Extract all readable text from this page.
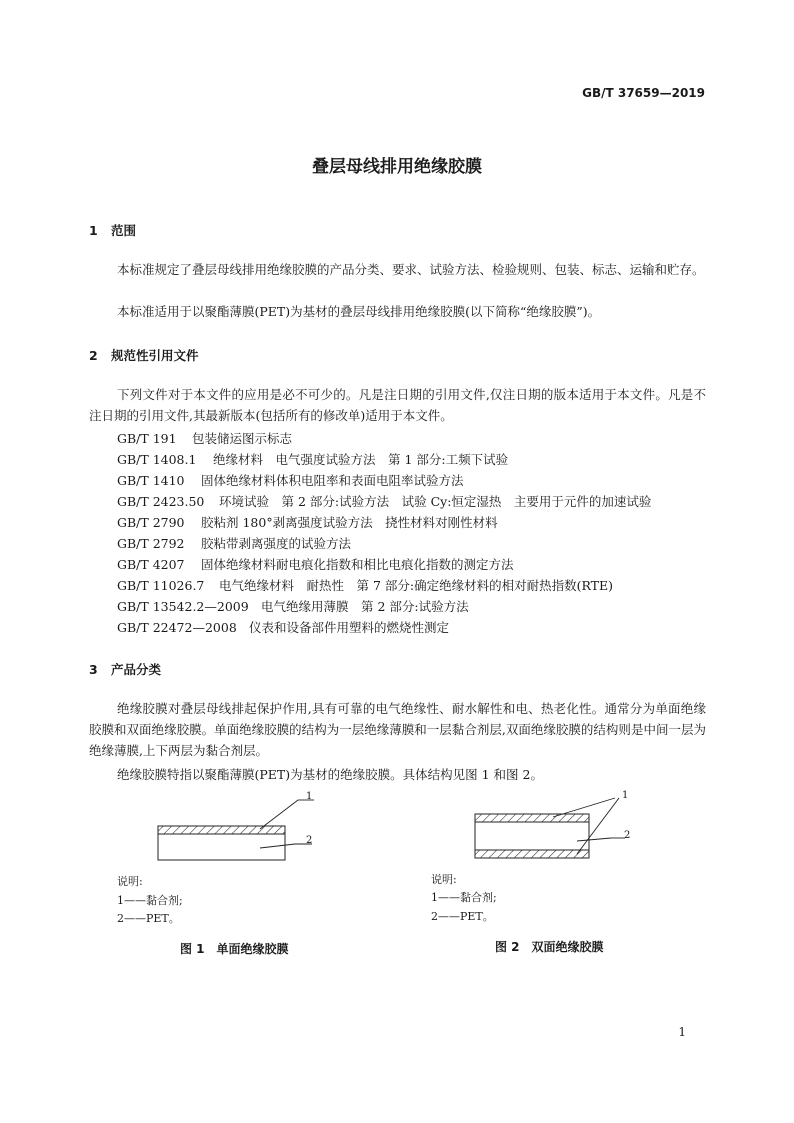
GB/T 37659—2019
叠层母线排用绝缘胶膜
1 范围
本标准规定了叠层母线排用绝缘胶膜的产品分类、要求、试验方法、检验规则、包装、标志、运输和贮存。
本标准适用于以聚酯薄膜(PET)为基材的叠层母线排用绝缘胶膜(以下简称“绝缘胶膜”)。
2 规范性引用文件
下列文件对于本文件的应用是必不可少的。凡是注日期的引用文件,仅注日期的版本适用于本文件。凡是不注日期的引用文件,其最新版本(包括所有的修改单)适用于本文件。
GB/T 191 包装储运图示标志
GB/T 1408.1 绝缘材料　电气强度试验方法　第 1 部分:工频下试验
GB/T 1410 固体绝缘材料体积电阻率和表面电阻率试验方法
GB/T 2423.50 环境试验　第 2 部分:试验方法　试验 Cy:恒定湿热　主要用于元件的加速试验
GB/T 2790 胶粘剂 180°剥离强度试验方法　挠性材料对刚性材料
GB/T 2792 胶粘带剥离强度的试验方法
GB/T 4207 固体绝缘材料耐电痕化指数和相比电痕化指数的测定方法
GB/T 11026.7 电气绝缘材料　耐热性　第 7 部分:确定绝缘材料的相对耐热指数(RTE)
GB/T 13542.2—2009 电气绝缘用薄膜　第 2 部分:试验方法
GB/T 22472—2008 仪表和设备部件用塑料的燃烧性测定
3 产品分类
绝缘胶膜对叠层母线排起保护作用,具有可靠的电气绝缘性、耐水解性和电、热老化性。通常分为单面绝缘胶膜和双面绝缘胶膜。单面绝缘胶膜的结构为一层绝缘薄膜和一层黏合剂层,双面绝缘胶膜的结构则是中间一层为绝缘薄膜,上下两层为黏合剂层。
绝缘胶膜特指以聚酯薄膜(PET)为基材的绝缘胶膜。具体结构见图 1 和图 2。
1
2
1
2
说明:
1——黏合剂;
2——PET。
图 1　单面绝缘胶膜
说明:
1——黏合剂;
2——PET。
图 2　双面绝缘胶膜
1
